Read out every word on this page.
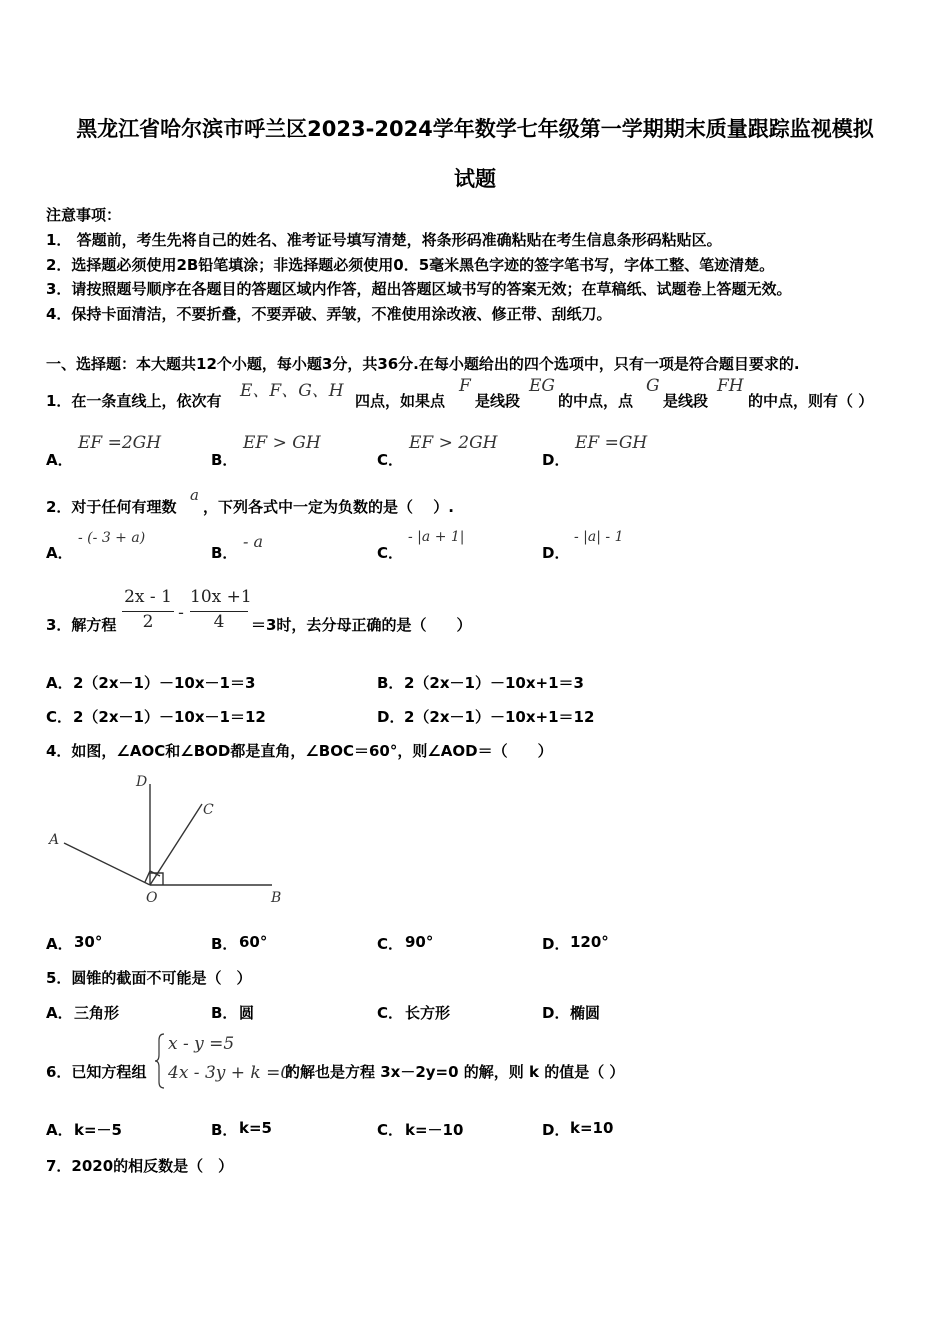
黑龙江省哈尔滨市呼兰区2023-2024学年数学七年级第一学期期末质量跟踪监视模拟
试题
注意事项：
1． 答题前，考生先将自己的姓名、准考证号填写清楚，将条形码准确粘贴在考生信息条形码粘贴区。
2．选择题必须使用2B铅笔填涂；非选择题必须使用0．5毫米黑色字迹的签字笔书写，字体工整、笔迹清楚。
3．请按照题号顺序在各题目的答题区域内作答，超出答题区域书写的答案无效；在草稿纸、试题卷上答题无效。
4．保持卡面清洁，不要折叠，不要弄破、弄皱，不准使用涂改液、修正带、刮纸刀。
一、选择题：本大题共12个小题，每小题3分，共36分.在每小题给出的四个选项中，只有一项是符合题目要求的.
1．在一条直线上，依次有 E、F、G、H 四点，如果点
F
是线段
EG
的中点，点
G
是线段
FH
的中点，则有（ ）
A．
EF =2GH
B．
EF > GH
C．
EF > 2GH
D．
EF =GH
2．对于任何有理数
a
，下列各式中一定为负数的是（　 ）.
A．
- (- 3 + a)
B．
- a
C．
- |a + 1|
D．
- |a| - 1
3．解方程
2x - 1
2	-
10x +1
4	＝3时，去分母正确的是（　　）
A． 2（2x－1）－10x－1＝3	B． 2（2x－1）－10x+1＝3
C． 2（2x－1）－10x－1＝12	D． 2（2x－1）－10x+1＝12
4．如图，∠AOC和∠BOD都是直角，∠BOC＝60°，则∠AOD＝（　　）
D
C
A
O	B
A． 30°	B． 60°	C． 90°	D． 120°
5．圆锥的截面不可能是（　）
A． 三角形	B． 圆	C． 长方形	D． 椭圆
6．已知方程组
x - y =5
4x - 3y + k =0
的解也是方程 3x－2y=0 的解，则 k 的值是（ ）
A． k=－5	B． k=5	C． k=－10	D． k=10
7．2020的相反数是（　）
